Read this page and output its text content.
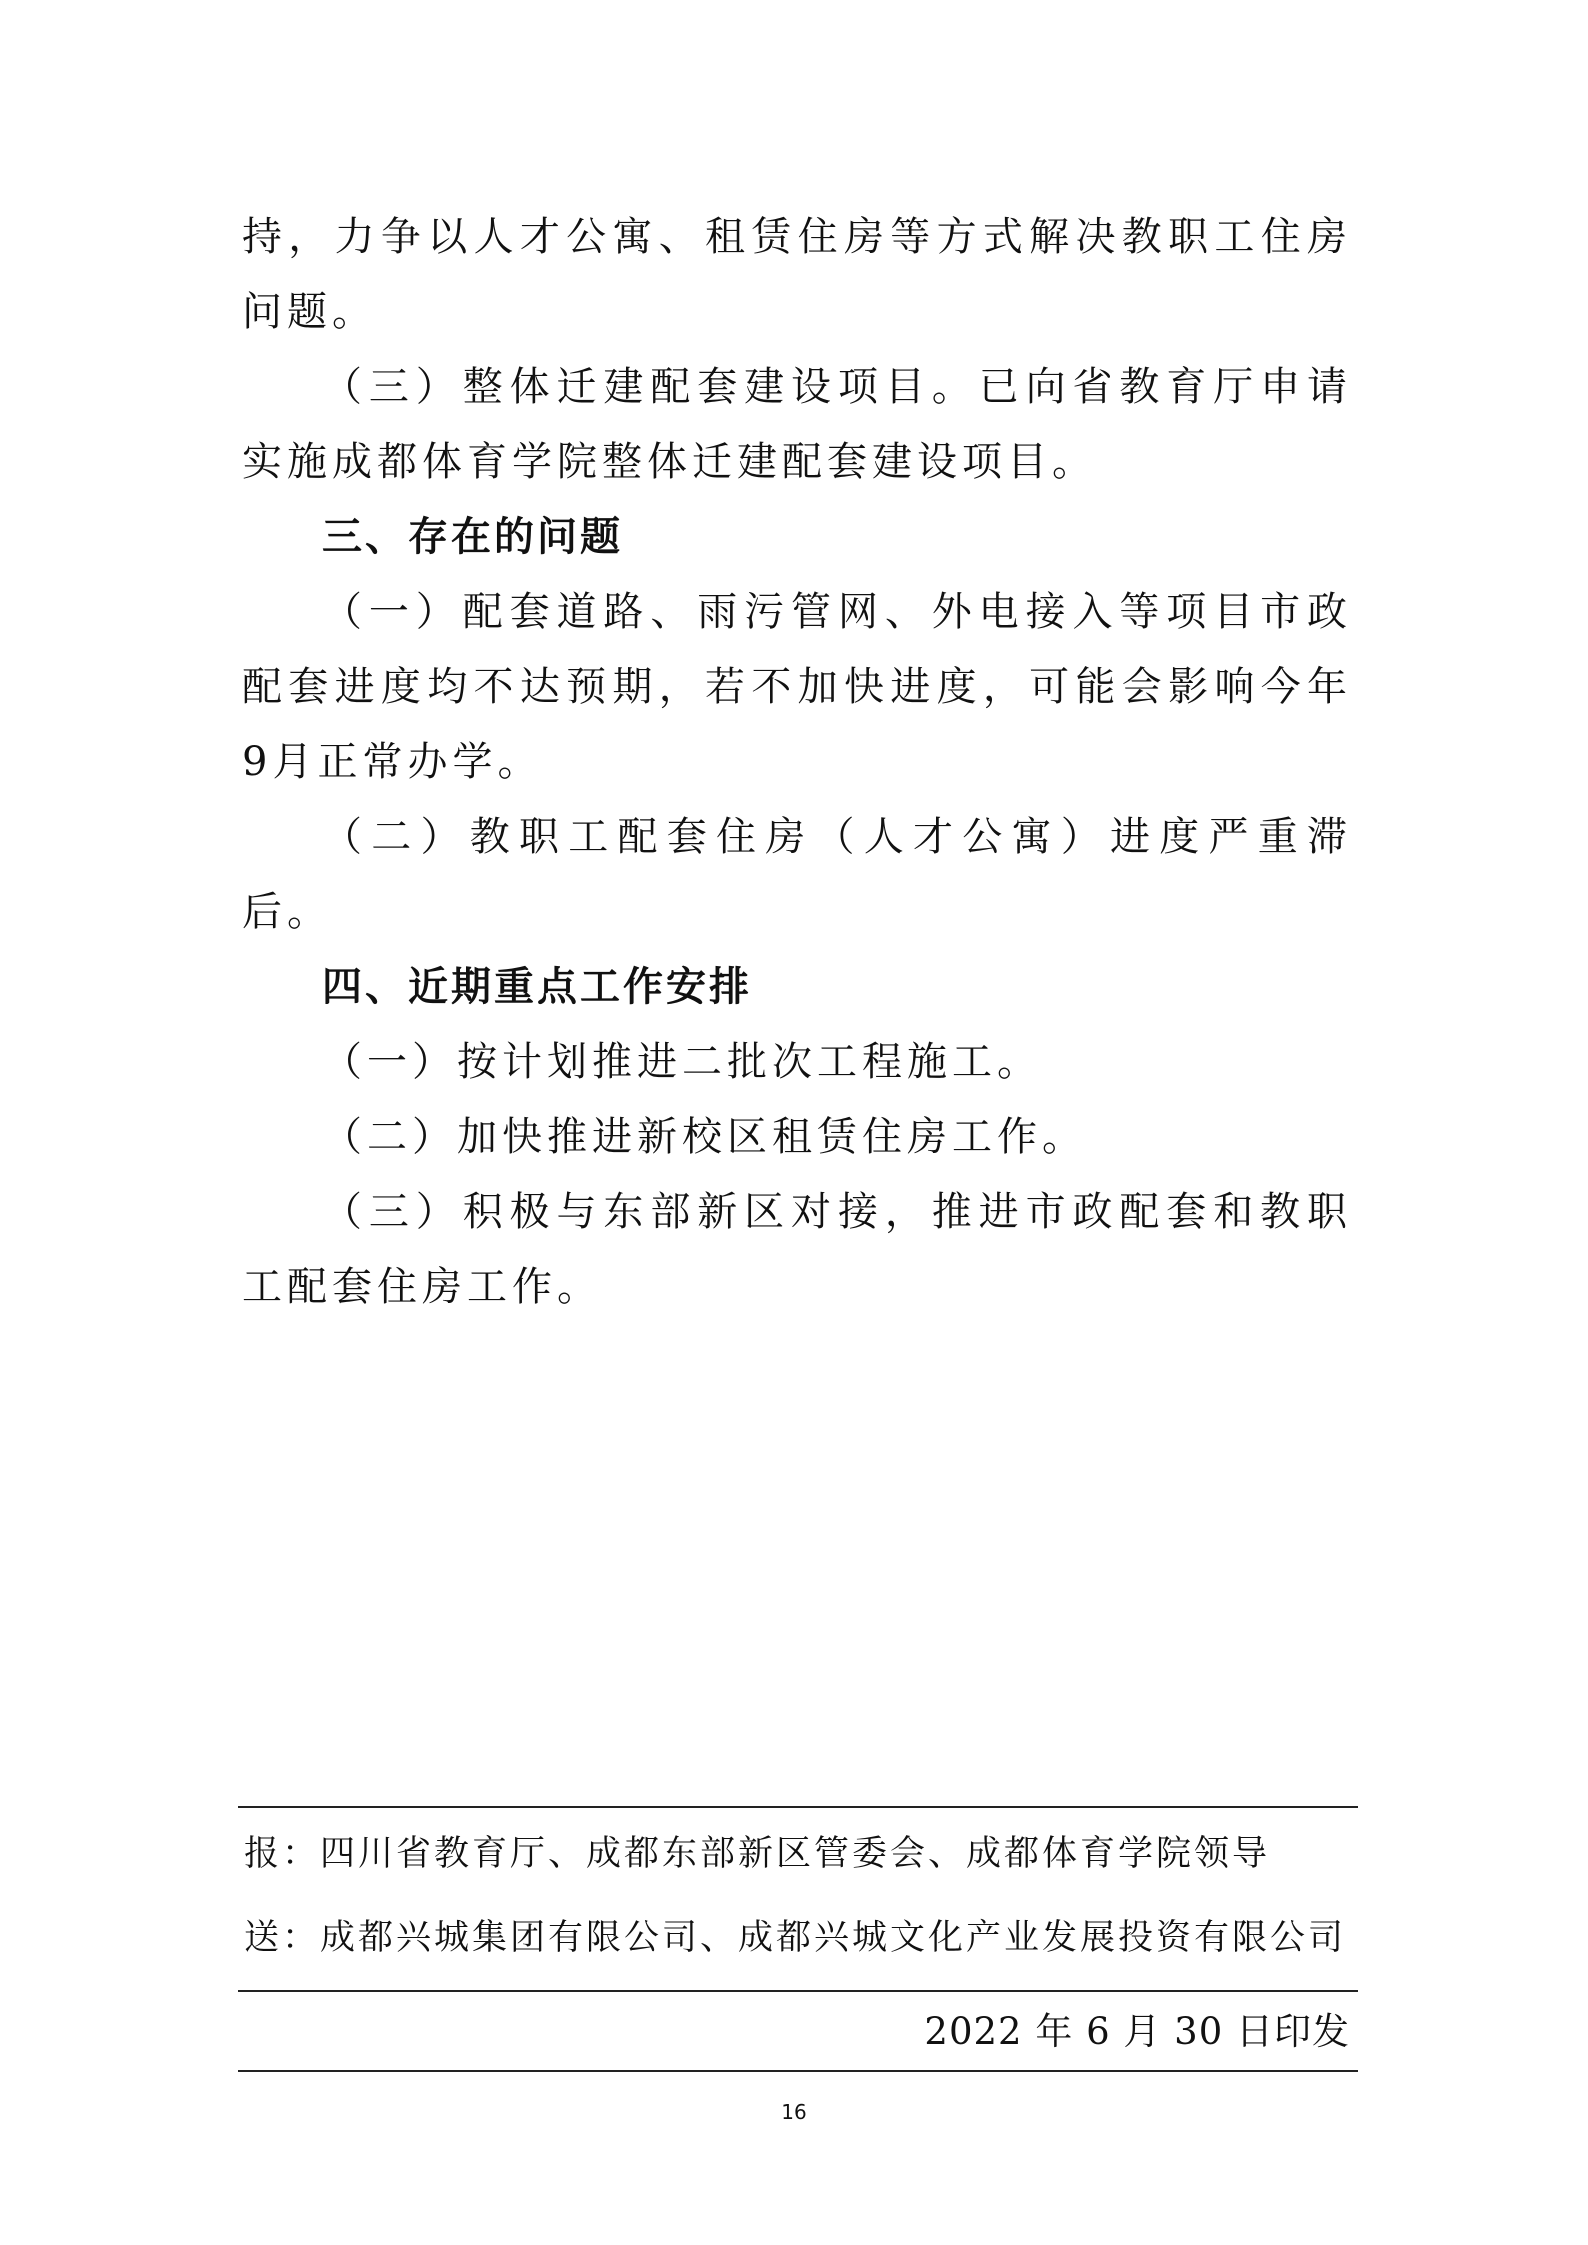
持，力争以人才公寓、租赁住房等方式解决教职工住房问题。

（三）整体迁建配套建设项目。已向省教育厅申请实施成都体育学院整体迁建配套建设项目。

三、存在的问题

（一）配套道路、雨污管网、外电接入等项目市政配套进度均不达预期，若不加快进度，可能会影响今年9月正常办学。

（二）教职工配套住房（人才公寓）进度严重滞后。

四、近期重点工作安排

（一）按计划推进二批次工程施工。

（二）加快推进新校区租赁住房工作。

（三）积极与东部新区对接，推进市政配套和教职工配套住房工作。

报：四川省教育厅、成都东部新区管委会、成都体育学院领导
送：成都兴城集团有限公司、成都兴城文化产业发展投资有限公司
2022 年 6 月 30 日印发
16
